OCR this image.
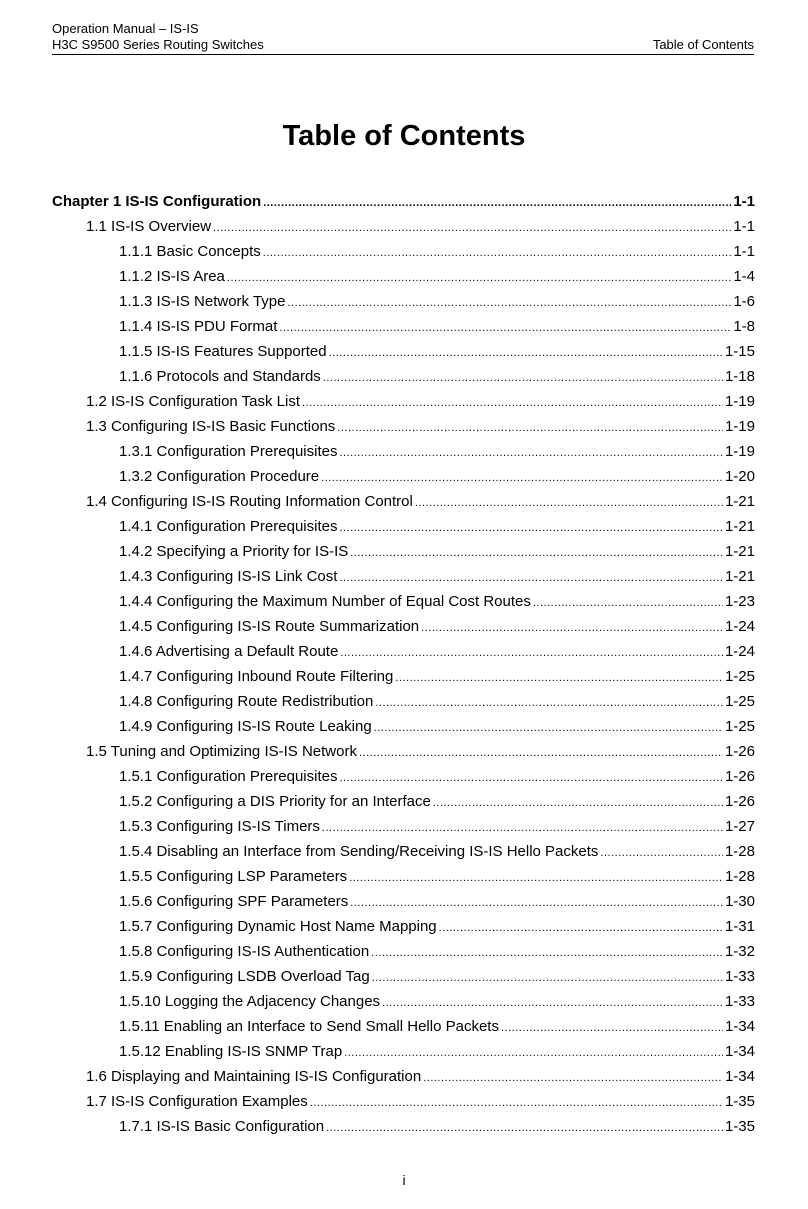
Operation Manual – IS-IS
H3C S9500 Series Routing Switches	Table of Contents
Table of Contents
Chapter 1 IS-IS Configuration .....	1-1
1.1 IS-IS Overview .....	1-1
1.1.1 Basic Concepts .....	1-1
1.1.2 IS-IS Area .....	1-4
1.1.3 IS-IS Network Type .....	1-6
1.1.4 IS-IS PDU Format .....	1-8
1.1.5 IS-IS Features Supported .....	1-15
1.1.6 Protocols and Standards .....	1-18
1.2 IS-IS Configuration Task List .....	1-19
1.3 Configuring IS-IS Basic Functions .....	1-19
1.3.1 Configuration Prerequisites .....	1-19
1.3.2 Configuration Procedure .....	1-20
1.4 Configuring IS-IS Routing Information Control .....	1-21
1.4.1 Configuration Prerequisites .....	1-21
1.4.2 Specifying a Priority for IS-IS .....	1-21
1.4.3 Configuring IS-IS Link Cost .....	1-21
1.4.4 Configuring the Maximum Number of Equal Cost Routes .....	1-23
1.4.5 Configuring IS-IS Route Summarization .....	1-24
1.4.6 Advertising a Default Route .....	1-24
1.4.7 Configuring Inbound Route Filtering .....	1-25
1.4.8 Configuring Route Redistribution .....	1-25
1.4.9 Configuring IS-IS Route Leaking .....	1-25
1.5 Tuning and Optimizing IS-IS Network .....	1-26
1.5.1 Configuration Prerequisites .....	1-26
1.5.2 Configuring a DIS Priority for an Interface .....	1-26
1.5.3 Configuring IS-IS Timers .....	1-27
1.5.4 Disabling an Interface from Sending/Receiving IS-IS Hello Packets .....	1-28
1.5.5 Configuring LSP Parameters .....	1-28
1.5.6 Configuring SPF Parameters .....	1-30
1.5.7 Configuring Dynamic Host Name Mapping .....	1-31
1.5.8 Configuring IS-IS Authentication .....	1-32
1.5.9 Configuring LSDB Overload Tag .....	1-33
1.5.10 Logging the Adjacency Changes .....	1-33
1.5.11 Enabling an Interface to Send Small Hello Packets .....	1-34
1.5.12 Enabling IS-IS SNMP Trap .....	1-34
1.6 Displaying and Maintaining IS-IS Configuration .....	1-34
1.7 IS-IS Configuration Examples .....	1-35
1.7.1 IS-IS Basic Configuration .....	1-35
i
